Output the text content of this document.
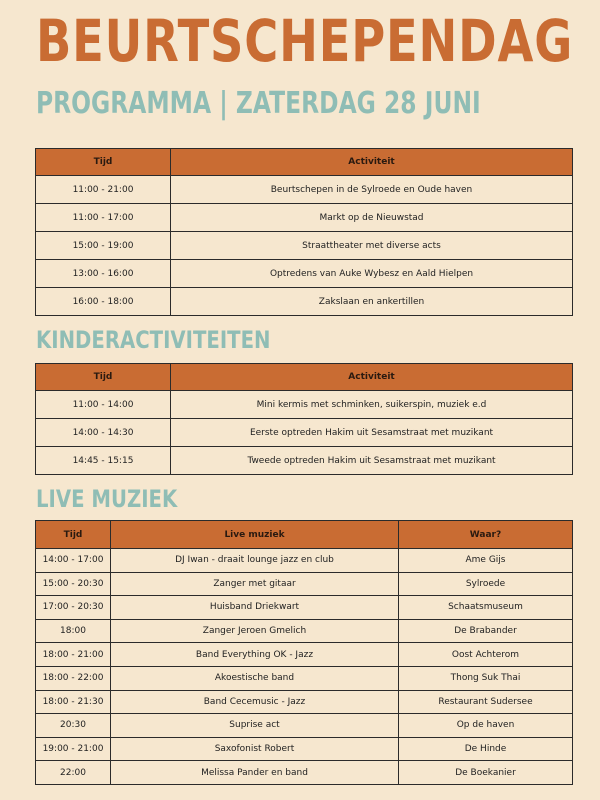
BEURTSCHEPENDAG
PROGRAMMA | ZATERDAG 28 JUNI
Tijd	Activiteit
11:00 - 21:00	Beurtschepen in de Sylroede en Oude haven
11:00 - 17:00	Markt op de Nieuwstad
15:00 - 19:00	Straattheater met diverse acts
13:00 - 16:00	Optredens van Auke Wybesz en Aald Hielpen
16:00 - 18:00	Zakslaan en ankertillen
KINDERACTIVITEITEN
Tijd	Activiteit
11:00 - 14:00	Mini kermis met schminken, suikerspin, muziek e.d
14:00 - 14:30	Eerste optreden Hakim uit Sesamstraat met muzikant
14:45 - 15:15	Tweede optreden Hakim uit Sesamstraat met muzikant
LIVE MUZIEK
Tijd	Live muziek	Waar?
14:00 - 17:00	DJ Iwan - draait lounge jazz en club	Ame Gijs
15:00 - 20:30	Zanger met gitaar	Sylroede
17:00 - 20:30	Huisband Driekwart	Schaatsmuseum
18:00	Zanger Jeroen Gmelich	De Brabander
18:00 - 21:00	Band Everything OK - Jazz	Oost Achterom
18:00 - 22:00	Akoestische band	Thong Suk Thai
18:00 - 21:30	Band Cecemusic - Jazz	Restaurant Sudersee
20:30	Suprise act	Op de haven
19:00 - 21:00	Saxofonist Robert	De Hinde
22:00	Melissa Pander en band	De Boekanier
